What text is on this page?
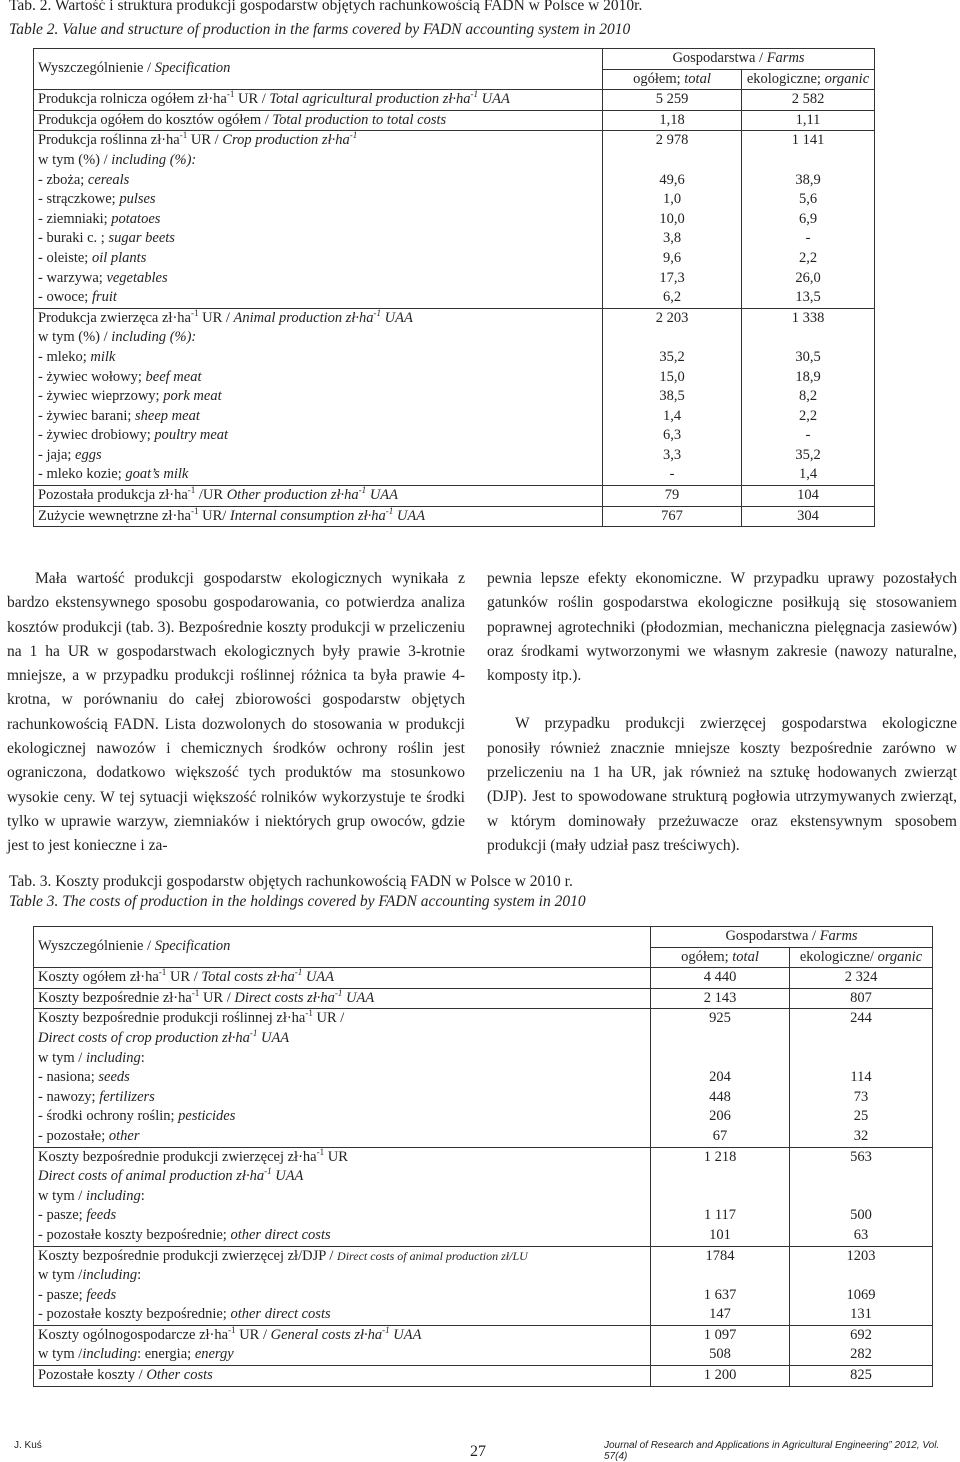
Tab. 2. Wartość i struktura produkcji gospodarstw objętych rachunkowością FADN w Polsce w 2010r.
Table 2. Value and structure of production in the farms covered by FADN accounting system in 2010
Wyszczególnienie / Specification	Gospodarstwa / Farms	
	ogółem; total	ekologiczne; organic
Produkcja rolnicza ogółem $zł\cdot ha^{-1}$ UR / Total agricultural production $zł\cdot ha^{-1}$ UAA	5 259	2 582
Produkcja ogółem do kosztów ogółem / Total production to total costs	1,18	1,11
Produkcja roślinna $zł\cdot ha^{-1}$ UR / Crop production $zł\cdot ha^{-1}$	2 978	1 141
w tym (%) / including (%):		
- zboża; cereals	49,6	38,9
- strączkowe; pulses	1,0	5,6
- ziemniaki; potatoes	10,0	6,9
- buraki c. ; sugar beets	3,8	-
- oleiste; oil plants	9,6	2,2
- warzywa; vegetables	17,3	26,0
- owoce; fruit	6,2	13,5
Produkcja zwierzęca $zł\cdot ha^{-1}$ UR / Animal production $zł\cdot ha^{-1}$ UAA	2 203	1 338
w tym (%) / including (%):		
- mleko; milk	35,2	30,5
- żywiec wołowy; beef meat	15,0	18,9
- żywiec wieprzowy; pork meat	38,5	8,2
- żywiec barani; sheep meat	1,4	2,2
- żywiec drobiowy; poultry meat	6,3	-
- jaja; eggs	3,3	35,2
- mleko kozie; goat’s milk	-	1,4
Pozostała produkcja $zł\cdot ha^{-1}$ /UR Other production $zł\cdot ha^{-1}$ UAA	79	104
Zużycie wewnętrzne $zł\cdot ha^{-1}$ UR/ Internal consumption $zł\cdot ha^{-1}$ UAA	767	304

Mała wartość produkcji gospodarstw ekologicznych wynikała z bardzo ekstensywnego sposobu gospodarowania, co potwierdza analiza kosztów produkcji (tab. 3). Bezpośrednie koszty produkcji w przeliczeniu na 1 ha UR w gospodarstwach ekologicznych były prawie 3-krotnie mniejsze, a w przypadku produkcji roślinnej różnica ta była prawie 4-krotna, w porównaniu do całej zbiorowości gospodarstw objętych rachunkowością FADN. Lista dozwolonych do stosowania w produkcji ekologicznej nawozów i chemicznych środków ochrony roślin jest ograniczona, dodatkowo większość tych produktów ma stosunkowo wysokie ceny. W tej sytuacji większość rolników wykorzystuje te środki tylko w uprawie warzyw, ziemniaków i niektórych grup owoców, gdzie jest to jest konieczne i za-

pewnia lepsze efekty ekonomiczne. W przypadku uprawy pozostałych gatunków roślin gospodarstwa ekologiczne posiłkują się stosowaniem poprawnej agrotechniki (płodozmian, mechaniczna pielęgnacja zasiewów) oraz środkami wytworzonymi we własnym zakresie (nawozy naturalne, komposty itp.).

W przypadku produkcji zwierzęcej gospodarstwa ekologiczne ponosiły również znacznie mniejsze koszty bezpośrednie zarówno w przeliczeniu na 1 ha UR, jak również na sztukę hodowanych zwierząt (DJP). Jest to spowodowane strukturą pogłowia utrzymywanych zwierząt, w którym dominowały przeżuwacze oraz ekstensywnym sposobem produkcji (mały udział pasz treściwych).

Tab. 3. Koszty produkcji gospodarstw objętych rachunkowością FADN w Polsce w 2010 r.
Table 3. The costs of production in the holdings covered by FADN accounting system in 2010
Wyszczególnienie / Specification	Gospodarstwa / Farms	
	ogółem; total	ekologiczne/ organic
Koszty ogółem $zł\cdot ha^{-1}$ UR / Total costs $zł\cdot ha^{-1}$ UAA	4 440	2 324
Koszty bezpośrednie $zł\cdot ha^{-1}$ UR / Direct costs $zł\cdot ha^{-1}$ UAA	2 143	807
Koszty bezpośrednie produkcji roślinnej $zł\cdot ha^{-1}$ UR /	925	244
Direct costs of crop production $zł\cdot ha^{-1}$ UAA		
w tym / including:		
- nasiona; seeds	204	114
- nawozy; fertilizers	448	73
- środki ochrony roślin; pesticides	206	25
- pozostałe; other	67	32
Koszty bezpośrednie produkcji zwierzęcej $zł\cdot ha^{-1}$ UR	1 218	563
Direct costs of animal production $zł\cdot ha^{-1}$ UAA		
w tym / including:		
- pasze; feeds	1 117	500
- pozostałe koszty bezpośrednie; other direct costs	101	63
Koszty bezpośrednie produkcji zwierzęcej zł/DJP / Direct costs of animal production zł/LU	1784	1203
w tym /including:		
- pasze; feeds	1 637	1069
- pozostałe koszty bezpośrednie; other direct costs	147	131
Koszty ogólnogospodarcze $zł\cdot ha^{-1}$ UR / General costs $zł\cdot ha^{-1}$ UAA	1 097	692
w tym /including: energia; energy	508	282
Pozostałe koszty / Other costs	1 200	825
J. Kuś	27	Journal of Research and Applications in Agricultural Engineering” 2012, Vol. 57(4)
